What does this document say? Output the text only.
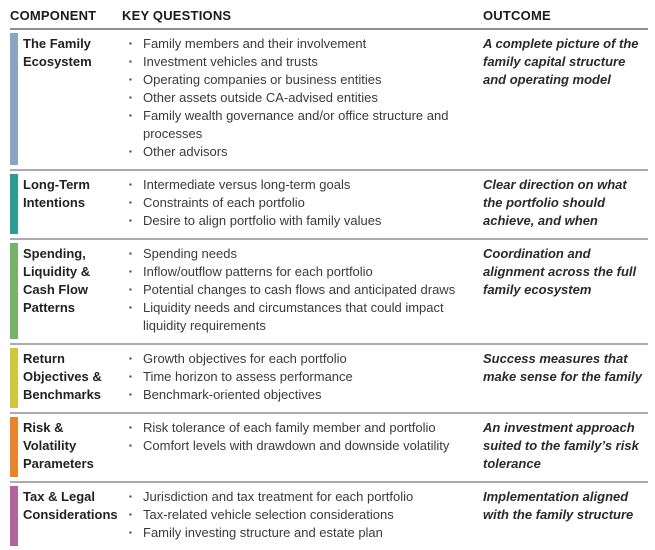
COMPONENT	KEY QUESTIONS	OUTCOME
The Family Ecosystem
▪ Family members and their involvement
▪ Investment vehicles and trusts
▪ Operating companies or business entities
▪ Other assets outside CA-advised entities
▪ Family wealth governance and/or office structure and processes
▪ Other advisors
A complete picture of the family capital structure and operating model
Long-Term Intentions
▪ Intermediate versus long-term goals
▪ Constraints of each portfolio
▪ Desire to align portfolio with family values
Clear direction on what the portfolio should achieve, and when
Spending, Liquidity & Cash Flow Patterns
▪ Spending needs
▪ Inflow/outflow patterns for each portfolio
▪ Potential changes to cash flows and anticipated draws
▪ Liquidity needs and circumstances that could impact liquidity requirements
Coordination and alignment across the full family ecosystem
Return Objectives & Benchmarks
▪ Growth objectives for each portfolio
▪ Time horizon to assess performance
▪ Benchmark-oriented objectives
Success measures that make sense for the family
Risk & Volatility Parameters
▪ Risk tolerance of each family member and portfolio
▪ Comfort levels with drawdown and downside volatility
An investment approach suited to the family’s risk tolerance
Tax & Legal Considerations
▪ Jurisdiction and tax treatment for each portfolio
▪ Tax-related vehicle selection considerations
▪ Family investing structure and estate plan
Implementation aligned with the family structure
